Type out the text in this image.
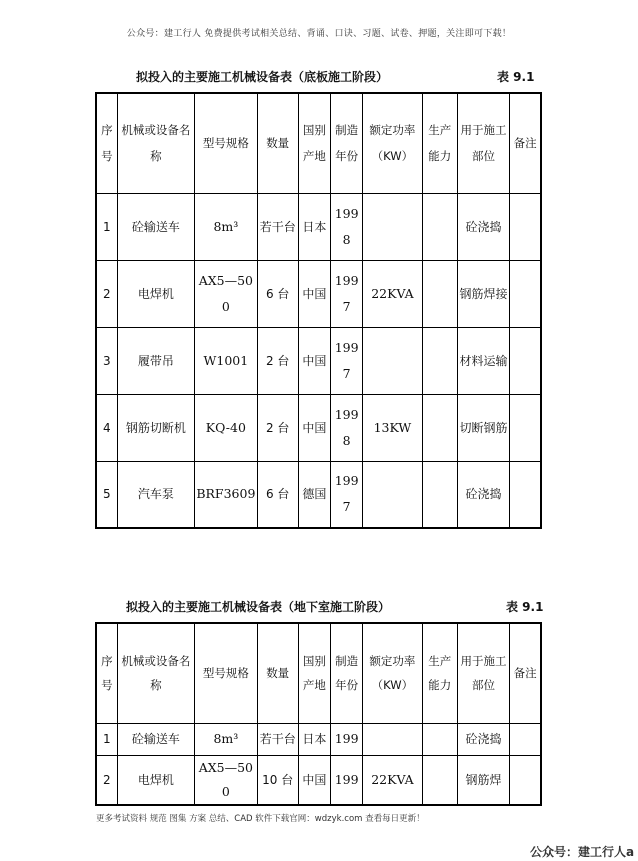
公众号：建工行人 免费提供考试相关总结、背诵、口诀、习题、试卷、押题，关注即可下载！
拟投入的主要施工机械设备表（底板施工阶段）	表 9.1
序号	机械或设备名称	型号规格	数量	国别产地	制造年份	额定功率（KW）	生产能力	用于施工部位	备注
1	砼输送车	8m³	若干台	日本	1998			砼浇捣	
2	电焊机	AX5—500	6 台	中国	1997	22KVA		钢筋焊接	
3	履带吊	W1001	2 台	中国	1997			材料运输	
4	钢筋切断机	KQ-40	2 台	中国	1998	13KW		切断钢筋	
5	汽车泵	BRF3609	6 台	德国	1997			砼浇捣	
拟投入的主要施工机械设备表（地下室施工阶段）	表 9.1
序号	机械或设备名称	型号规格	数量	国别产地	制造年份	额定功率（KW）	生产能力	用于施工部位	备注
1	砼输送车	8m³	若干台	日本	199			砼浇捣	
2	电焊机	AX5—500	10 台	中国	199	22KVA		钢筋焊	
更多考试资料 规范 图集 方案 总结、CAD 软件下载官网：wdzyk.com 查看每日更新！
公众号：建工行人a
